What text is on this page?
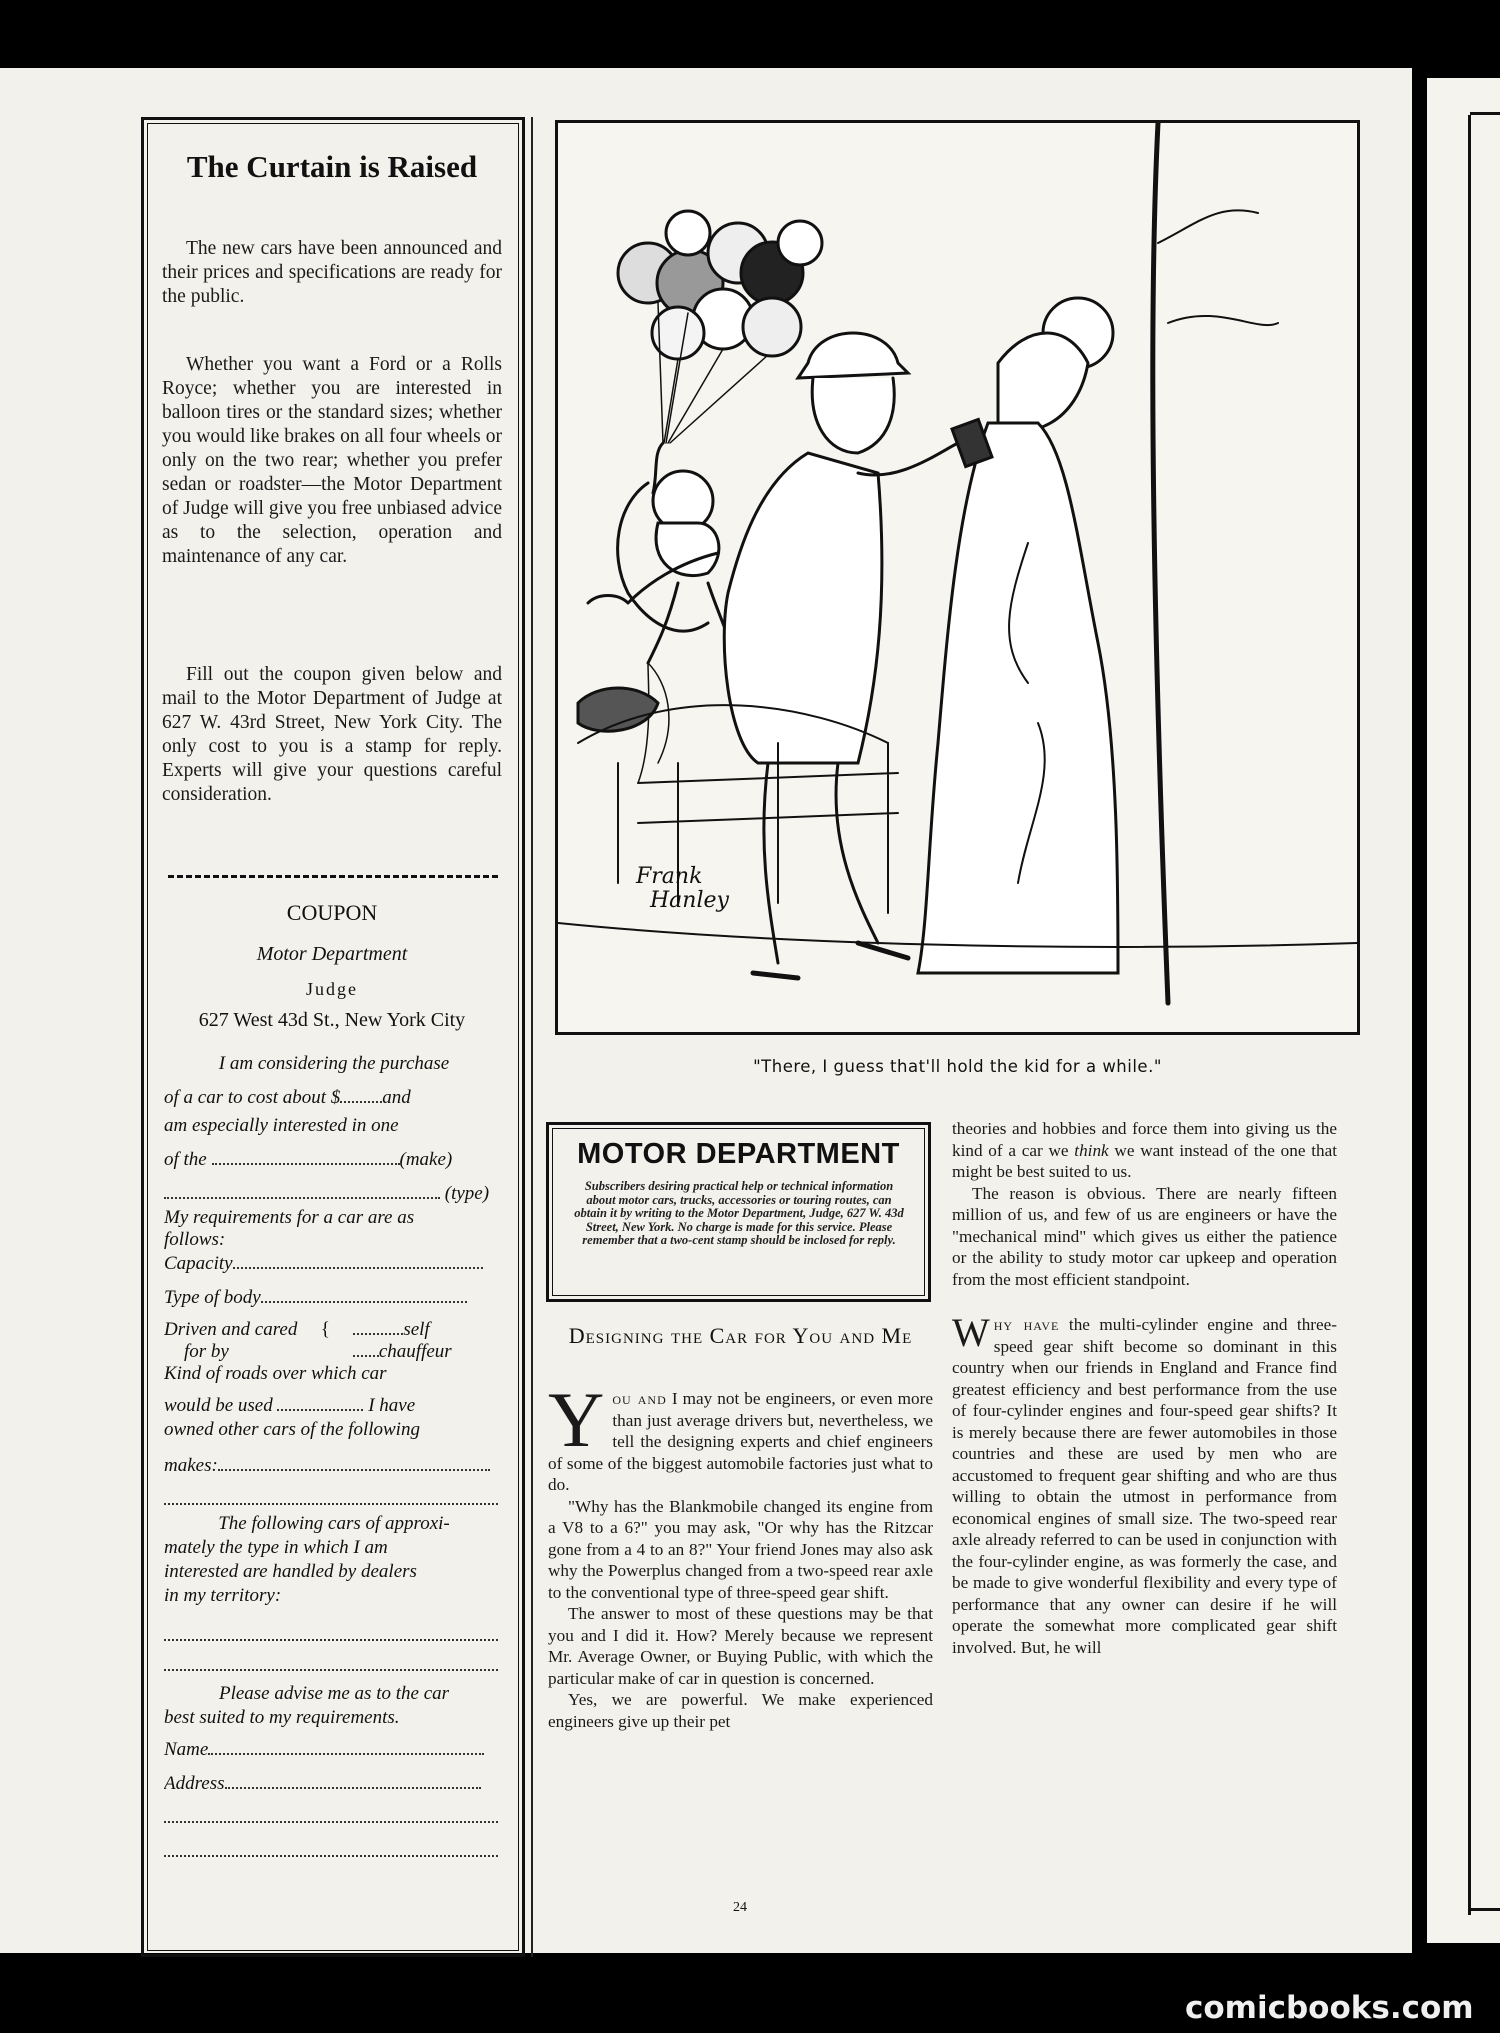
The Curtain is Raised
The new cars have been announced and their prices and specifications are ready for the public.
Whether you want a Ford or a Rolls Royce; whether you are interested in balloon tires or the standard sizes; whether you would like brakes on all four wheels or only on the two rear; whether you prefer sedan or roadster—the Motor Department of Judge will give you free unbiased advice as to the selection, operation and maintenance of any car.
Fill out the coupon given below and mail to the Motor Department of Judge at 627 W. 43rd Street, New York City. The only cost to you is a stamp for reply. Experts will give your questions careful consideration.
COUPON
Motor Department
Judge
627 West 43d St., New York City
I am considering the purchase
of a car to cost about $ and
am especially interested in one
of the	(make)
(type)
My requirements for a car are as
follows:
Capacity
Type of body
Driven and cared {	self
for by	chauffeur
Kind of roads over which car
would be used	I have
owned other cars of the following
makes:
The following cars of approxi-
mately the type in which I am
interested are handled by dealers
in my territory:
Please advise me as to the car
best suited to my requirements.
Name
Address
Frank
Hanley
"There, I guess that'll hold the kid for a while."
MOTOR DEPARTMENT
Subscribers desiring practical help or technical information about motor cars, trucks, accessories or touring routes, can obtain it by writing to the Motor Department, Judge, 627 W. 43d Street, New York. No charge is made for this service. Please remember that a two-cent stamp should be inclosed for reply.
Designing the Car for You and Me

You and I may not be engineers, or even more than just average drivers but, nevertheless, we tell the designing experts and chief engineers of some of the biggest automobile factories just what to do.

"Why has the Blankmobile changed its engine from a V8 to a 6?" you may ask, "Or why has the Ritzcar gone from a 4 to an 8?" Your friend Jones may also ask why the Powerplus changed from a two-speed rear axle to the conventional type of three-speed gear shift.

The answer to most of these questions may be that you and I did it. How? Merely because we represent Mr. Average Owner, or Buying Public, with which the particular make of car in question is concerned.

Yes, we are powerful. We make experienced engineers give up their pet

theories and hobbies and force them into giving us the kind of a car we think we want instead of the one that might be best suited to us.

The reason is obvious. There are nearly fifteen million of us, and few of us are engineers or have the "mechanical mind" which gives us either the patience or the ability to study motor car upkeep and operation from the most efficient standpoint.

Why have the multi-cylinder engine and three-speed gear shift become so dominant in this country when our friends in England and France find greatest efficiency and best performance from the use of four-cylinder engines and four-speed gear shifts? It is merely because there are fewer automobiles in those countries and these are used by men who are accustomed to frequent gear shifting and who are thus willing to obtain the utmost in performance from economical engines of small size. The two-speed rear axle already referred to can be used in conjunction with the four-cylinder engine, as was formerly the case, and be made to give wonderful flexibility and every type of performance that any owner can desire if he will operate the somewhat more complicated gear shift involved. But, he will

24
comicbooks.com
